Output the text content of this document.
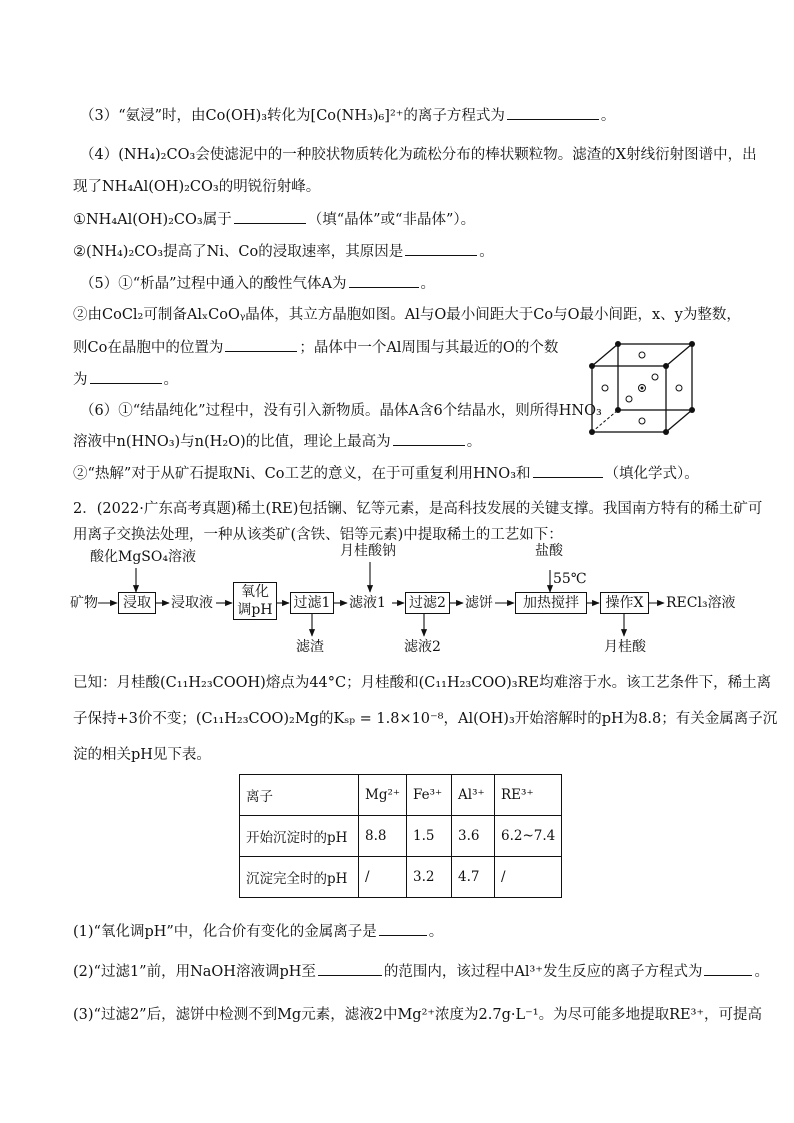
（3）“氨浸”时，由Co(OH)₃转化为[Co(NH₃)₆]²⁺的离子方程式为	。
（4）(NH₄)₂CO₃会使滤泥中的一种胶状物质转化为疏松分布的棒状颗粒物。滤渣的X射线衍射图谱中，出
现了NH₄Al(OH)₂CO₃的明锐衍射峰。
①NH₄Al(OH)₂CO₃属于	（填“晶体”或“非晶体”）。
②(NH₄)₂CO₃提高了Ni、Co的浸取速率，其原因是	。
（5）①“析晶”过程中通入的酸性气体A为	。
②由CoCl₂可制备AlₓCoOᵧ晶体，其立方晶胞如图。Al与O最小间距大于Co与O最小间距，x、y为整数，
则Co在晶胞中的位置为	；晶体中一个Al周围与其最近的O的个数
为	。
（6）①“结晶纯化”过程中，没有引入新物质。晶体A含6个结晶水，则所得HNO₃
溶液中n(HNO₃)与n(H₂O)的比值，理论上最高为	。
②“热解”对于从矿石提取Ni、Co工艺的意义，在于可重复利用HNO₃和	（填化学式）。
2．(2022·广东高考真题)稀土(RE)包括镧、钇等元素，是高科技发展的关键支撑。我国南方特有的稀土矿可
用离子交换法处理，一种从该类矿(含铁、铝等元素)中提取稀土的工艺如下：
酸化MgSO₄溶液	月桂酸钠	盐酸
55℃
矿物	浸取	浸取液
氧化
调pH	过滤1 滤液1 过滤2 滤饼	加热搅拌	操作X	RECl₃溶液
滤渣	滤液2	月桂酸
已知：月桂酸(C₁₁H₂₃COOH)熔点为44°C；月桂酸和(C₁₁H₂₃COO)₃RE均难溶于水。该工艺条件下，稀土离
子保持+3价不变；(C₁₁H₂₃COO)₂Mg的Kₛₚ = 1.8×10⁻⁸，Al(OH)₃开始溶解时的pH为8.8；有关金属离子沉
淀的相关pH见下表。
离子	Mg²⁺	Fe³⁺	Al³⁺	RE³⁺
开始沉淀时的pH	8.8	1.5	3.6	6.2~7.4
沉淀完全时的pH	/	3.2	4.7	/
(1)“氧化调pH”中，化合价有变化的金属离子是	。
(2)“过滤1”前，用NaOH溶液调pH至	的范围内，该过程中Al³⁺发生反应的离子方程式为	。
(3)“过滤2”后，滤饼中检测不到Mg元素，滤液2中Mg²⁺浓度为2.7g·L⁻¹。为尽可能多地提取RE³⁺，可提高
